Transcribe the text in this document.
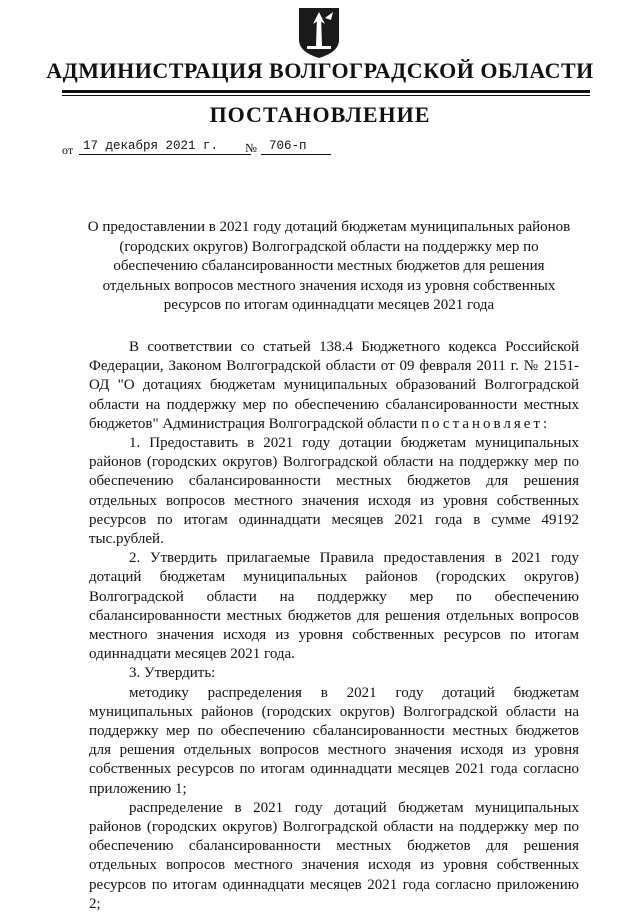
АДМИНИСТРАЦИЯ ВОЛГОГРАДСКОЙ ОБЛАСТИ
ПОСТАНОВЛЕНИЕ
от 17 декабря 2021 г.	№ 706-п
О предоставлении в 2021 году дотаций бюджетам муниципальных районов (городских округов) Волгоградской области на поддержку мер по обеспечению сбалансированности местных бюджетов для решения отдельных вопросов местного значения исходя из уровня собственных ресурсов по итогам одиннадцати месяцев 2021 года

В соответствии со статьей 138.4 Бюджетного кодекса Российской Федерации, Законом Волгоградской области от 09 февраля 2011 г. № 2151-ОД "О дотациях бюджетам муниципальных образований Волгоградской области на поддержку мер по обеспечению сбалансированности местных бюджетов" Администрация Волгоградской области постановляет:

1. Предоставить в 2021 году дотации бюджетам муниципальных районов (городских округов) Волгоградской области на поддержку мер по обеспечению сбалансированности местных бюджетов для решения отдельных вопросов местного значения исходя из уровня собственных ресурсов по итогам одиннадцати месяцев 2021 года в сумме 49192 тыс.рублей.

2. Утвердить прилагаемые Правила предоставления в 2021 году дотаций бюджетам муниципальных районов (городских округов) Волгоградской области на поддержку мер по обеспечению сбалансированности местных бюджетов для решения отдельных вопросов местного значения исходя из уровня собственных ресурсов по итогам одиннадцати месяцев 2021 года.

3. Утвердить:

методику распределения в 2021 году дотаций бюджетам муниципальных районов (городских округов) Волгоградской области на поддержку мер по обеспечению сбалансированности местных бюджетов для решения отдельных вопросов местного значения исходя из уровня собственных ресурсов по итогам одиннадцати месяцев 2021 года согласно приложению 1;

распределение в 2021 году дотаций бюджетам муниципальных районов (городских округов) Волгоградской области на поддержку мер по обеспечению сбалансированности местных бюджетов для решения отдельных вопросов местного значения исходя из уровня собственных ресурсов по итогам одиннадцати месяцев 2021 года согласно приложению 2;
